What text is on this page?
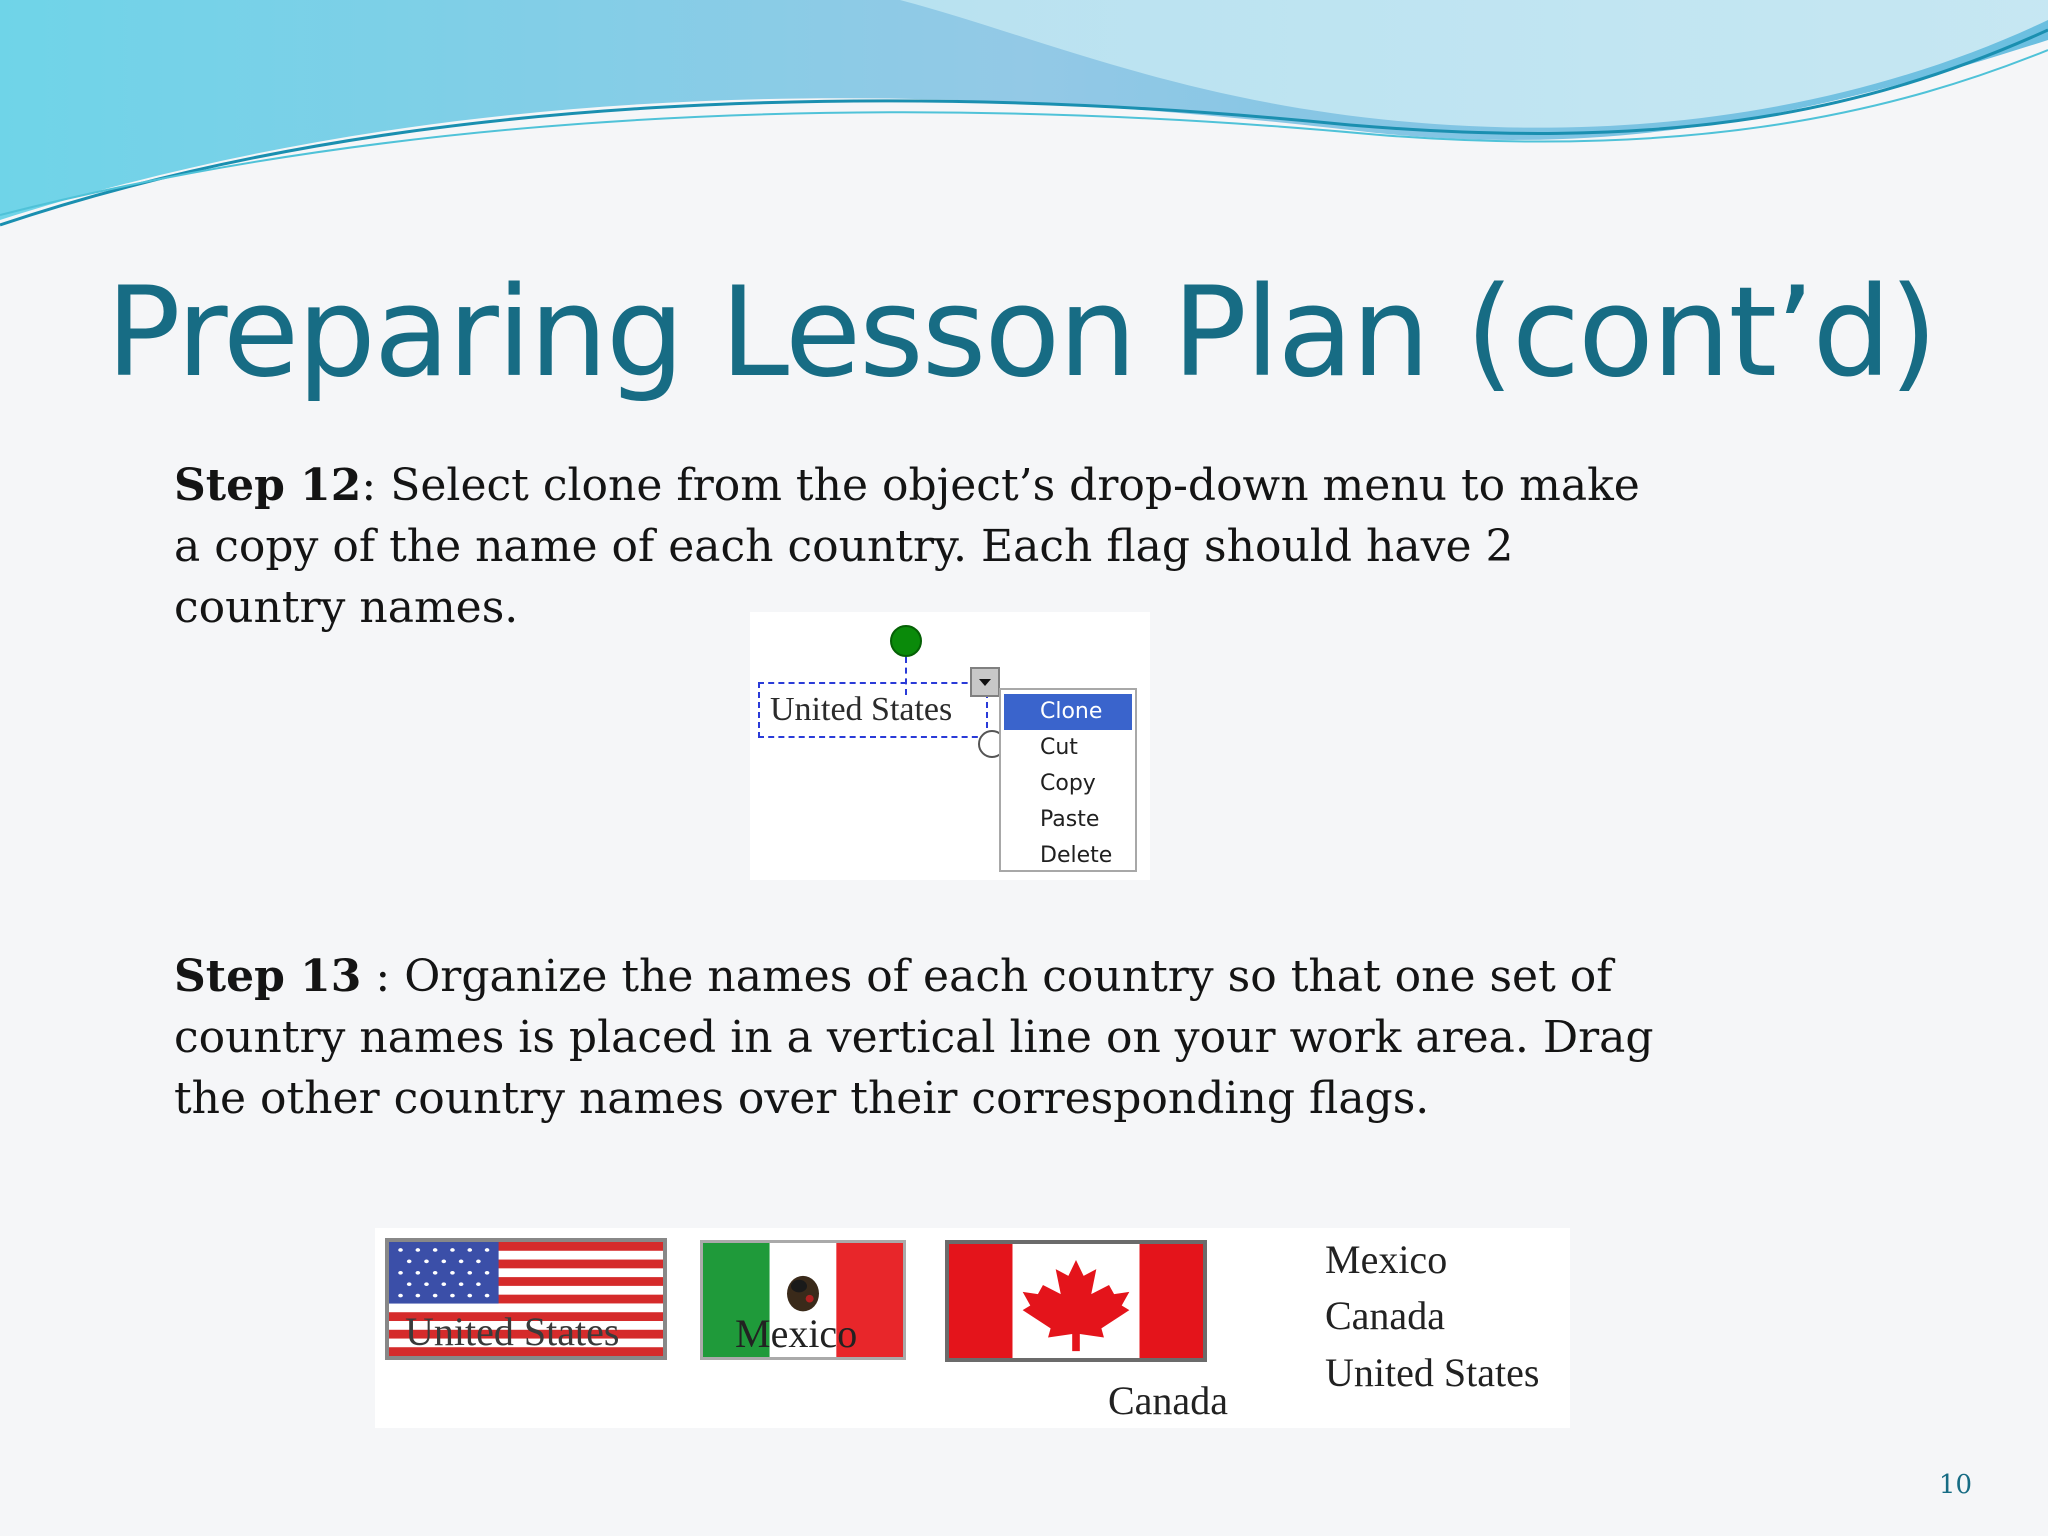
Preparing Lesson Plan (cont’d)
Step 12: Select clone from the object’s drop-down menu to make a copy of the name of each country. Each flag should have 2 country names.
United States	Clone
Cut
Copy
Paste
Delete
Step 13 : Organize the names of each country so that one set of country names is placed in a vertical line on your work area. Drag the other country names over their corresponding flags.
United States	Mexico
Canada
Mexico
Canada
United States
10
